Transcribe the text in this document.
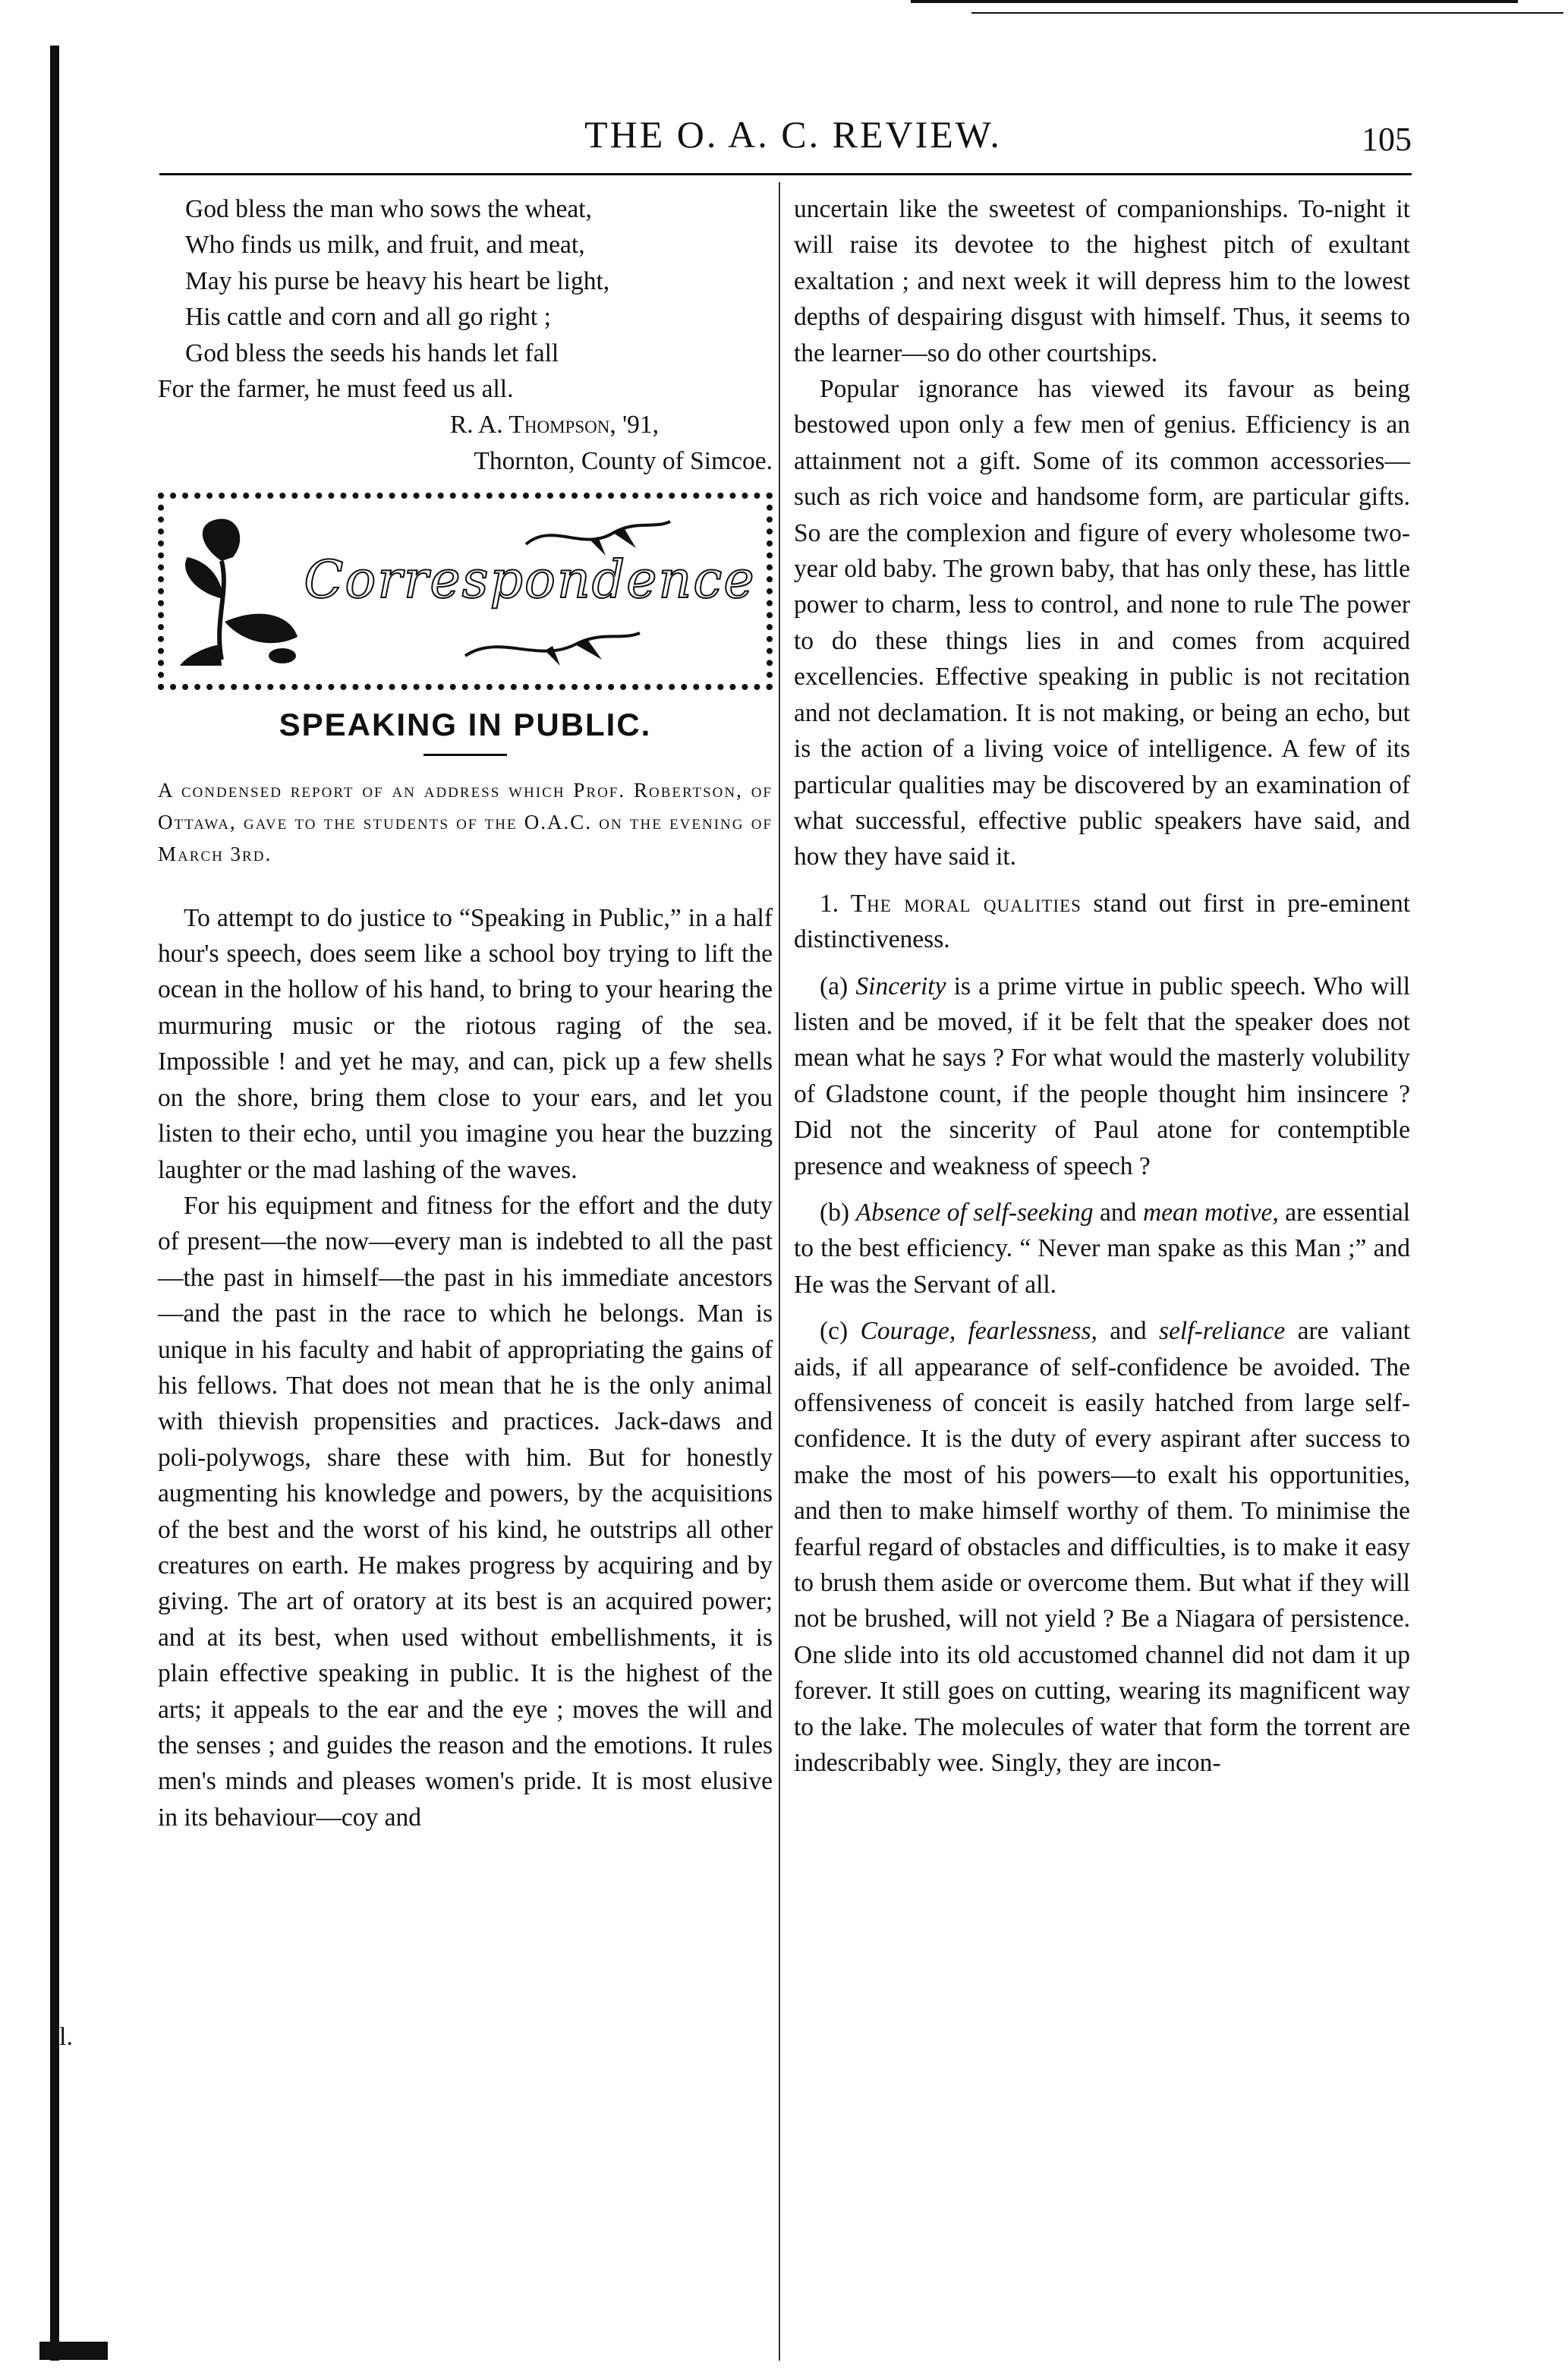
;
l.
THE O. A. C. REVIEW.	105
God bless the man who sows the wheat,
Who finds us milk, and fruit, and meat,
May his purse be heavy his heart be light,
His cattle and corn and all go right ;
God bless the seeds his hands let fall
For the farmer, he must feed us all.
R. A. Thompson, '91,
Thornton, County of Simcoe.
Correspondence
SPEAKING IN PUBLIC.
A condensed report of an address which Prof. Robertson, of Ottawa, gave to the students of the O.A.C. on the evening of March 3rd.

To attempt to do justice to “Speaking in Public,” in a half hour's speech, does seem like a school boy trying to lift the ocean in the hollow of his hand, to bring to your hearing the murmuring music or the riotous raging of the sea. Impossible ! and yet he may, and can, pick up a few shells on the shore, bring them close to your ears, and let you listen to their echo, until you imagine you hear the buzzing laughter or the mad lashing of the waves.

For his equipment and fitness for the effort and the duty of present—the now—every man is indebted to all the past—the past in himself—the past in his immediate ancestors—and the past in the race to which he belongs. Man is unique in his faculty and habit of appropriating the gains of his fellows. That does not mean that he is the only animal with thievish propensities and practices. Jack-daws and poli-polywogs, share these with him. But for honestly augmenting his knowledge and powers, by the acquisitions of the best and the worst of his kind, he outstrips all other creatures on earth. He makes progress by acquiring and by giving. The art of oratory at its best is an acquired power; and at its best, when used without embellishments, it is plain effective speaking in public. It is the highest of the arts; it appeals to the ear and the eye ; moves the will and the senses ; and guides the reason and the emotions. It rules men's minds and pleases women's pride. It is most elusive in its behaviour—coy and

uncertain like the sweetest of companionships. To-night it will raise its devotee to the highest pitch of exultant exaltation ; and next week it will depress him to the lowest depths of despairing disgust with himself. Thus, it seems to the learner—so do other courtships.

Popular ignorance has viewed its favour as being bestowed upon only a few men of genius. Efficiency is an attainment not a gift. Some of its common accessories—such as rich voice and handsome form, are particular gifts. So are the complexion and figure of every wholesome two-year old baby. The grown baby, that has only these, has little power to charm, less to control, and none to rule The power to do these things lies in and comes from acquired excellencies. Effective speaking in public is not recitation and not declamation. It is not making, or being an echo, but is the action of a living voice of intelligence. A few of its particular qualities may be discovered by an examination of what successful, effective public speakers have said, and how they have said it.

1. The moral qualities stand out first in pre-eminent distinctiveness.

(a) Sincerity is a prime virtue in public speech. Who will listen and be moved, if it be felt that the speaker does not mean what he says ? For what would the masterly volubility of Gladstone count, if the people thought him insincere ? Did not the sincerity of Paul atone for contemptible presence and weakness of speech ?

(b) Absence of self-seeking and mean motive, are essential to the best efficiency. “ Never man spake as this Man ;” and He was the Servant of all.

(c) Courage, fearlessness, and self-reliance are valiant aids, if all appearance of self-confidence be avoided. The offensiveness of conceit is easily hatched from large self-confidence. It is the duty of every aspirant after success to make the most of his powers—to exalt his opportunities, and then to make himself worthy of them. To minimise the fearful regard of obstacles and difficulties, is to make it easy to brush them aside or overcome them. But what if they will not be brushed, will not yield ? Be a Niagara of persistence. One slide into its old accustomed channel did not dam it up forever. It still goes on cutting, wearing its magnificent way to the lake. The molecules of water that form the torrent are indescribably wee. Singly, they are incon-
